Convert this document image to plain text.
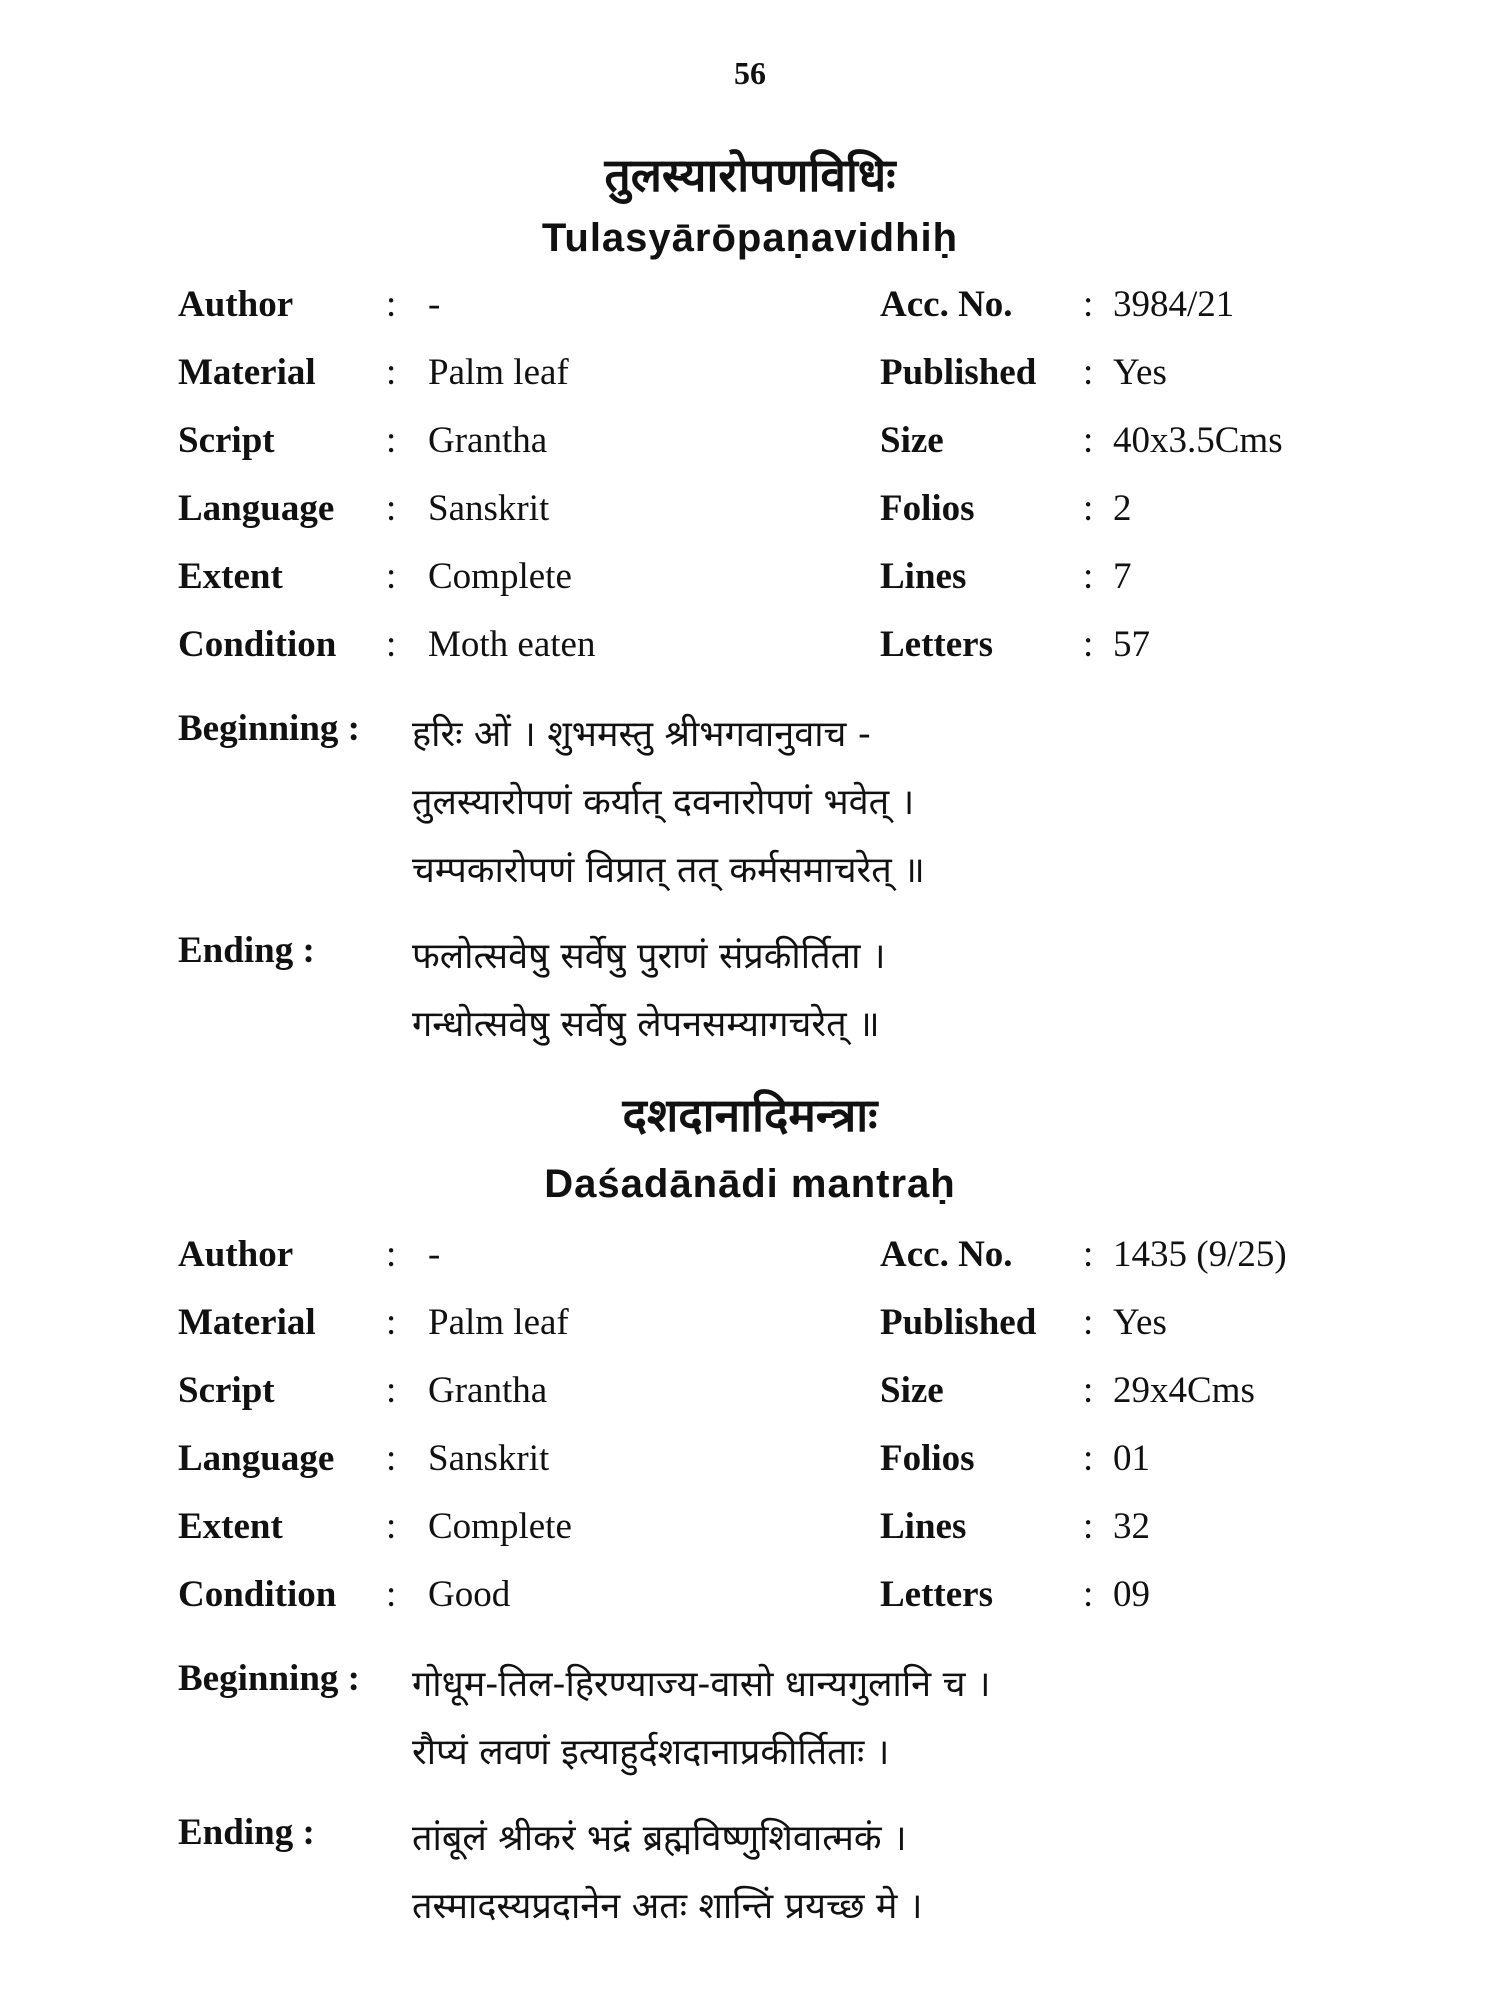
56
तुलस्यारोपणविधिः
Tulasyārōpaṇavidhiḥ
Author	: -	Acc. No. : 3984/21
Material : Palm leaf	Published : Yes
Script	: Grantha	Size	: 40x3.5Cms
Language : Sanskrit	Folios	: 2
Extent	: Complete	Lines	: 7
Condition : Moth eaten	Letters : 57
Beginning : हरिः ओं । शुभमस्तु श्रीभगवानुवाच -
तुलस्यारोपणं कर्यात् दवनारोपणं भवेत् ।
चम्पकारोपणं विप्रात् तत् कर्मसमाचरेत् ॥
Ending :	फलोत्सवेषु सर्वेषु पुराणं संप्रकीर्तिता ।
गन्धोत्सवेषु सर्वेषु लेपनसम्यागचरेत् ॥
दशदानादिमन्त्राः
Daśadānādi mantraḥ
Author	: -	Acc. No. : 1435 (9/25)
Material : Palm leaf	Published : Yes
Script	: Grantha	Size	: 29x4Cms
Language : Sanskrit	Folios	: 01
Extent	: Complete	Lines	: 32
Condition : Good	Letters : 09
Beginning : गोधूम-तिल-हिरण्याज्य-वासो धान्यगुलानि च ।
रौप्यं लवणं इत्याहुर्दशदानाप्रकीर्तिताः ।
Ending :	तांबूलं श्रीकरं भद्रं ब्रह्मविष्णुशिवात्मकं ।
तस्मादस्यप्रदानेन अतः शान्तिं प्रयच्छ मे ।
